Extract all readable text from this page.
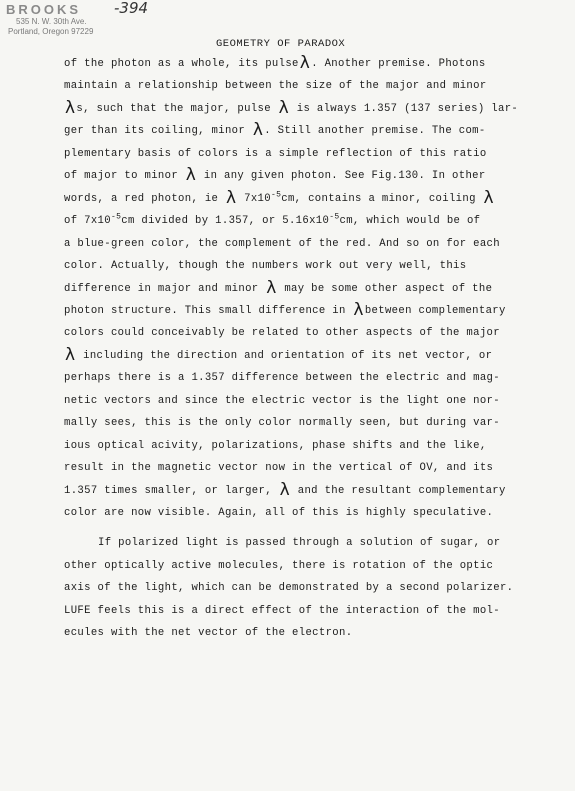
BROOKS -394
535 N. W. 30th Ave.
Portland, Oregon 97229
GEOMETRY OF PARADOX
of the photon as a whole, its pulseλ. Another premise. Photons
maintain a relationship between the size of the major and minor
λs, such that the major, pulse λ is always 1.357 (137 series) lar-
ger than its coiling, minor λ. Still another premise. The com-
plementary basis of colors is a simple reflection of this ratio
of major to minor λ in any given photon. See Fig.130. In other
words, a red photon, ie λ $7x10^{-5}cm$, contains a minor, coiling λ
of $7x10^{-5}cm$ divided by 1.357, or $5.16x10^{-5}cm$, which would be of
a blue-green color, the complement of the red. And so on for each
color. Actually, though the numbers work out very well, this
difference in major and minor λ may be some other aspect of the
photon structure. This small difference in λbetween complementary
colors could conceivably be related to other aspects of the major
λ including the direction and orientation of its net vector, or
perhaps there is a 1.357 difference between the electric and mag-
netic vectors and since the electric vector is the light one nor-
mally sees, this is the only color normally seen, but during var-
ious optical acivity, polarizations, phase shifts and the like,
result in the magnetic vector now in the vertical of OV, and its
1.357 times smaller, or larger, λ and the resultant complementary
color are now visible. Again, all of this is highly speculative.
If polarized light is passed through a solution of sugar, or
other optically active molecules, there is rotation of the optic
axis of the light, which can be demonstrated by a second polarizer.
LUFE feels this is a direct effect of the interaction of the mol-
ecules with the net vector of the electron.
